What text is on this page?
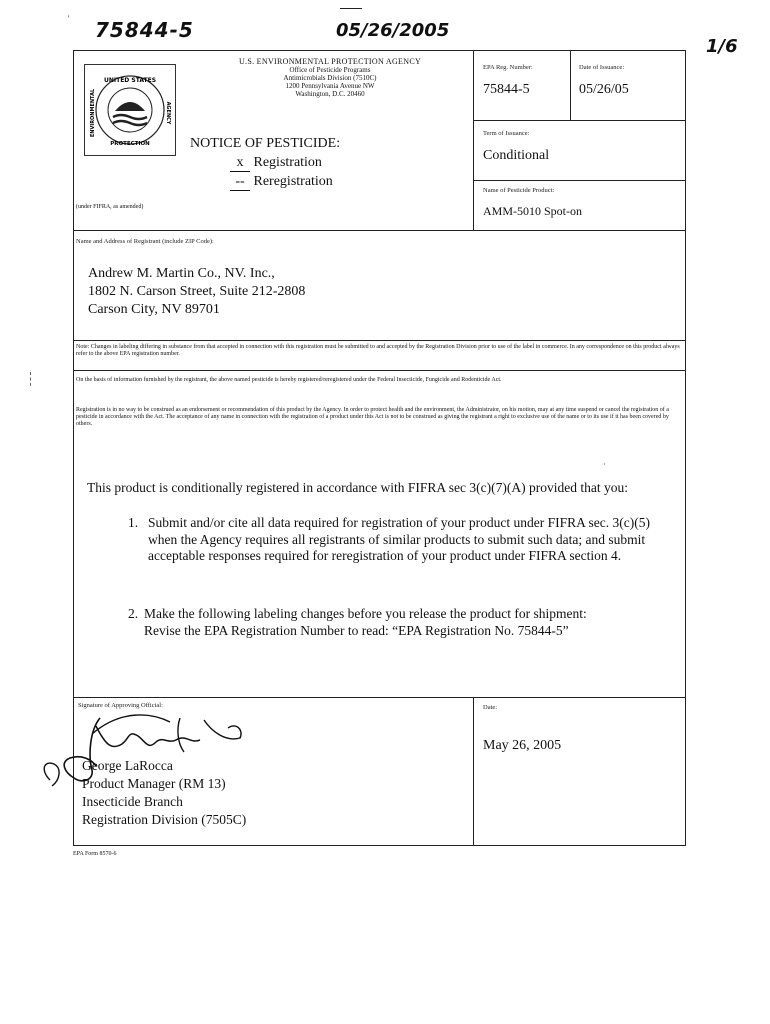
75844-5	05/26/2005
1/6
'
UNITED STATES
PROTECTION
ENVIRONMENTAL	AGENCY
U.S. ENVIRONMENTAL PROTECTION AGENCY
Office of Pesticide Programs
Antimicrobials Division (7510C)
1200 Pennsylvania Avenue NW
Washington, D.C. 20460
NOTICE OF PESTICIDE:
x Registration
-- Reregistration
(under FIFRA, as amended)
EPA Reg. Number:
75844-5
Date of Issuance:
05/26/05
Term of Issuance:
Conditional
Name of Pesticide Product:
AMM-5010 Spot-on
Name and Address of Registrant (include ZIP Code):
Andrew M. Martin Co., NV. Inc.,
1802 N. Carson Street, Suite 212-2808
Carson City, NV 89701
Note: Changes in labeling differing in substance from that accepted in connection with this registration must be submitted to and accepted by the Registration Division prior to use of the label in commerce. In any correspondence on this product always refer to the above EPA registration number.
On the basis of information furnished by the registrant, the above named pesticide is hereby registered/reregistered under the Federal Insecticide, Fungicide and Rodenticide Act.
Registration is in no way to be construed as an endorsement or recommendation of this product by the Agency. In order to protect health and the environment, the Administrator, on his motion, may at any time suspend or cancel the registration of a pesticide in accordance with the Act. The acceptance of any name in connection with the registration of a product under this Act is not to be construed as giving the registrant a right to exclusive use of the name or to its use if it has been covered by others.
This product is conditionally registered in accordance with FIFRA sec 3(c)(7)(A) provided that you:
1. Submit and/or cite all data required for registration of your product under FIFRA sec. 3(c)(5) when the Agency requires all registrants of similar products to submit such data; and submit acceptable responses required for reregistration of your product under FIFRA section 4.

2. Make the following labeling changes before you release the product for shipment:

Revise the EPA Registration Number to read: “EPA Registration No. 75844-5”

·
Signature of Approving Official:
George LaRocca
Product Manager (RM 13)
Insecticide Branch
Registration Division (7505C)
Date:
May 26, 2005
EPA Form 8570-6
